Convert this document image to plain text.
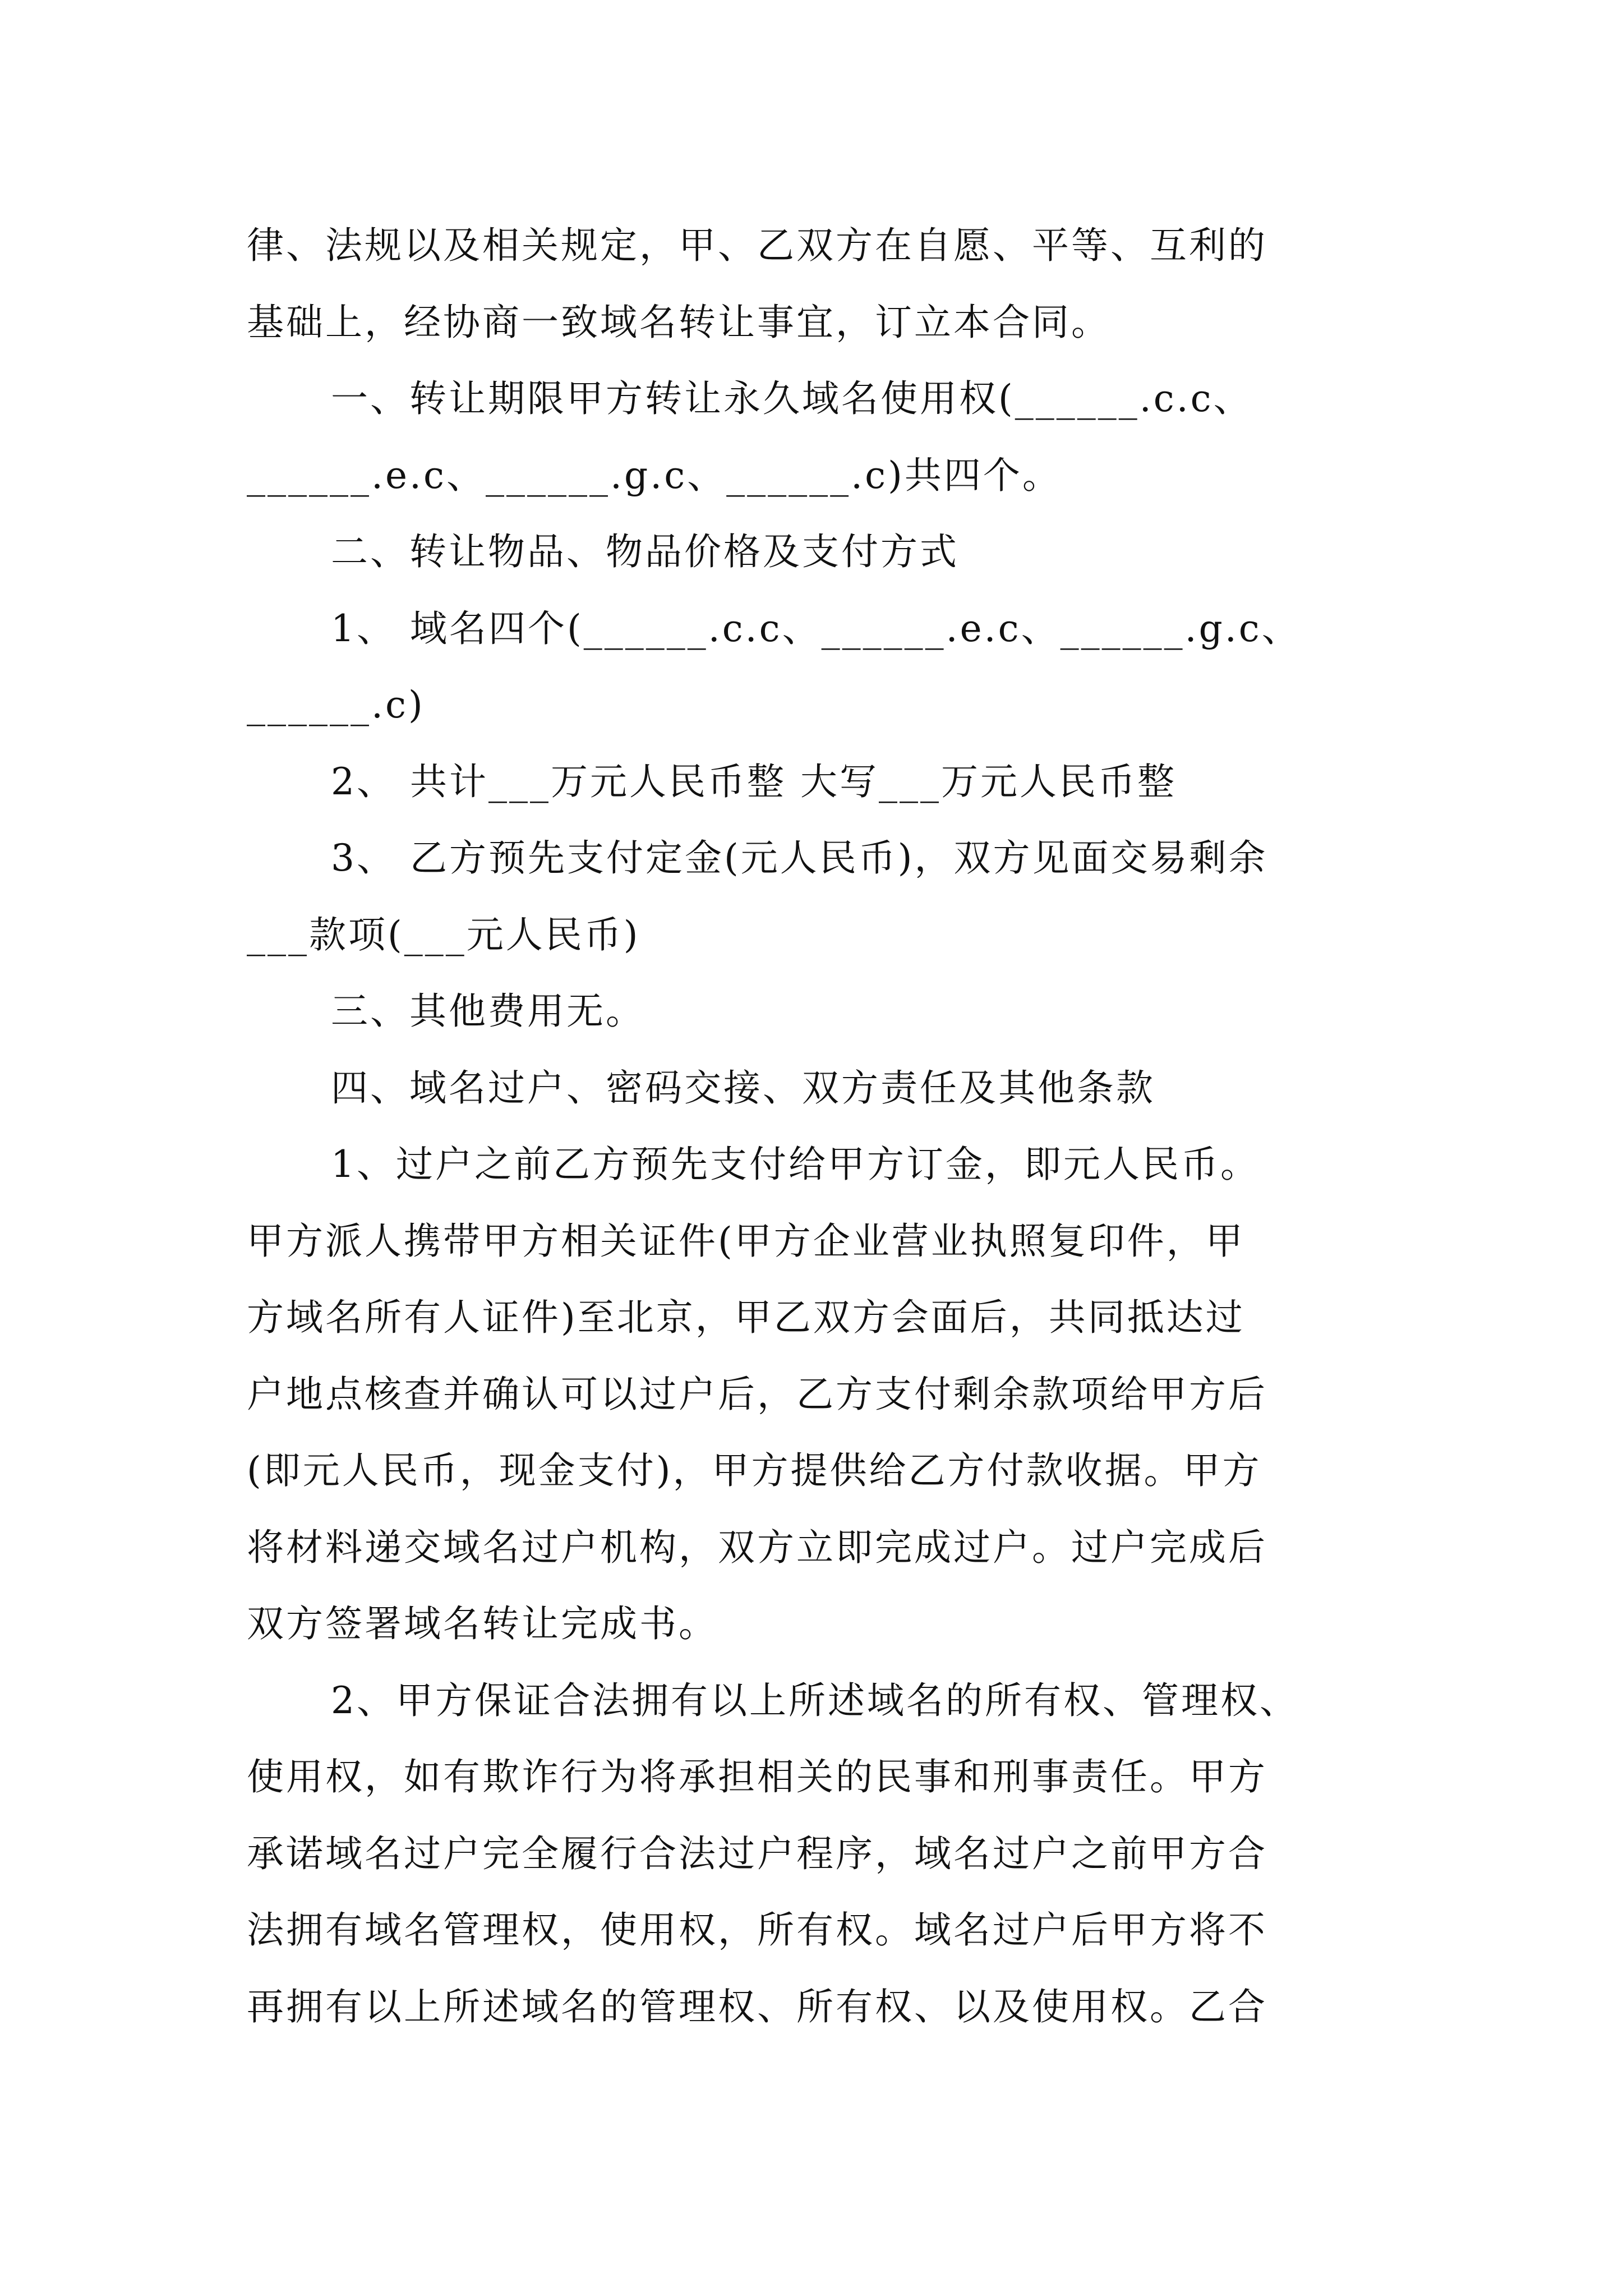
律、法规以及相关规定，甲、乙双方在自愿、平等、互利的
基础上，经协商一致域名转让事宜，订立本合同。
一、转让期限甲方转让永久域名使用权(______.c.c、
______.e.c、______.g.c、______.c)共四个。
二、转让物品、物品价格及支付方式
1、 域名四个(______.c.c、______.e.c、______.g.c、
______.c)
2、 共计___万元人民币整 大写___万元人民币整
3、 乙方预先支付定金(元人民币)，双方见面交易剩余
___款项(___元人民币)
三、其他费用无。
四、域名过户、密码交接、双方责任及其他条款
1、过户之前乙方预先支付给甲方订金，即元人民币。
甲方派人携带甲方相关证件(甲方企业营业执照复印件，甲
方域名所有人证件)至北京，甲乙双方会面后，共同抵达过
户地点核查并确认可以过户后，乙方支付剩余款项给甲方后
(即元人民币，现金支付)，甲方提供给乙方付款收据。甲方
将材料递交域名过户机构，双方立即完成过户。过户完成后
双方签署域名转让完成书。
2、甲方保证合法拥有以上所述域名的所有权、管理权、
使用权，如有欺诈行为将承担相关的民事和刑事责任。甲方
承诺域名过户完全履行合法过户程序，域名过户之前甲方合
法拥有域名管理权，使用权，所有权。域名过户后甲方将不
再拥有以上所述域名的管理权、所有权、以及使用权。乙合
